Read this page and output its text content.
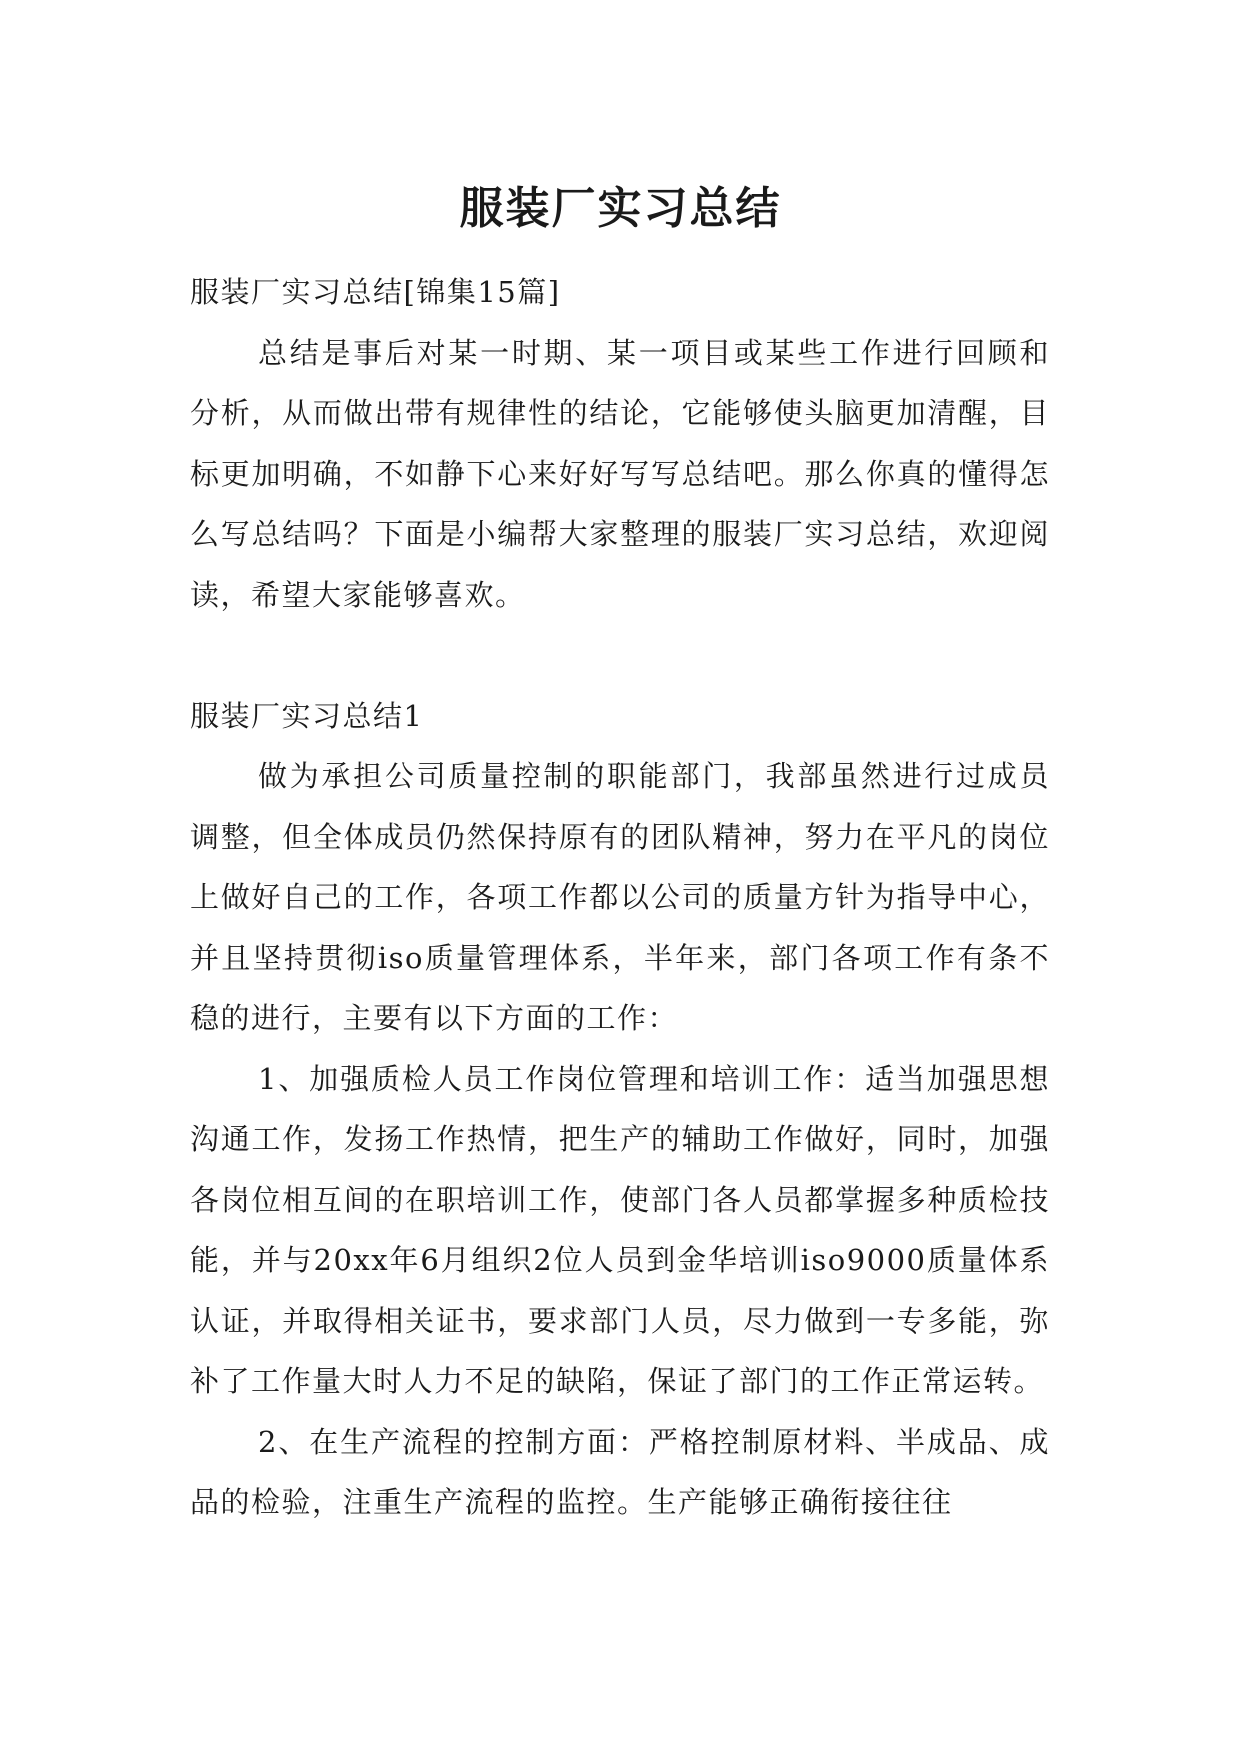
服装厂实习总结

服装厂实习总结[锦集15篇]

总结是事后对某一时期、某一项目或某些工作进行回顾和分析，从而做出带有规律性的结论，它能够使头脑更加清醒，目标更加明确，不如静下心来好好写写总结吧。那么你真的懂得怎么写总结吗？下面是小编帮大家整理的服装厂实习总结，欢迎阅读，希望大家能够喜欢。

服装厂实习总结1

做为承担公司质量控制的职能部门，我部虽然进行过成员调整，但全体成员仍然保持原有的团队精神，努力在平凡的岗位上做好自己的工作，各项工作都以公司的质量方针为指导中心，并且坚持贯彻iso质量管理体系，半年来，部门各项工作有条不稳的进行，主要有以下方面的工作：

1、加强质检人员工作岗位管理和培训工作：适当加强思想沟通工作，发扬工作热情，把生产的辅助工作做好，同时，加强各岗位相互间的在职培训工作，使部门各人员都掌握多种质检技能，并与20xx年6月组织2位人员到金华培训iso9000质量体系认证，并取得相关证书，要求部门人员，尽力做到一专多能，弥补了工作量大时人力不足的缺陷，保证了部门的工作正常运转。

2、在生产流程的控制方面：严格控制原材料、半成品、成品的检验，注重生产流程的监控。生产能够正确衔接往往
